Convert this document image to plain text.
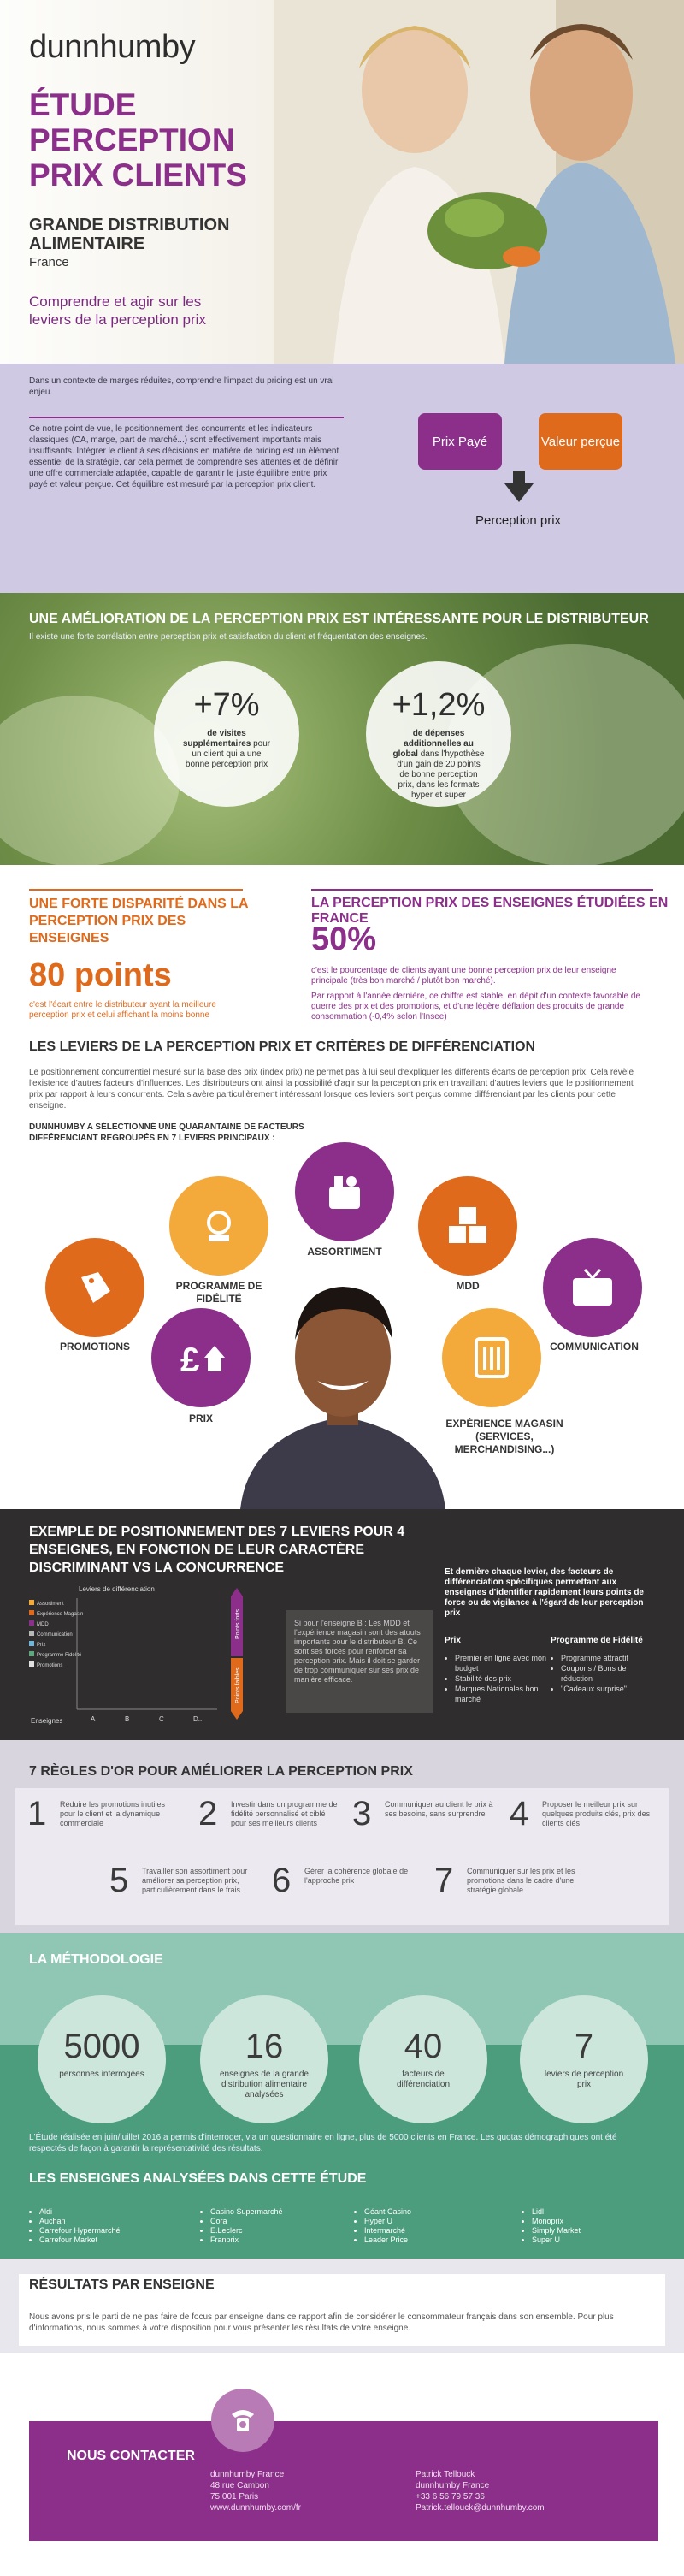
dunnhumby
ÉTUDE
PERCEPTION
PRIX CLIENTS
GRANDE DISTRIBUTION ALIMENTAIRE
France
Comprendre et agir sur les leviers de la perception prix
Dans un contexte de marges réduites, comprendre l'impact du pricing est un vrai enjeu.
Ce notre point de vue, le positionnement des concurrents et les indicateurs classiques (CA, marge, part de marché...) sont effectivement importants mais insuffisants. Intégrer le client à ses décisions en matière de pricing est un élément essentiel de la stratégie, car cela permet de comprendre ses attentes et de définir une offre commerciale adaptée, capable de garantir le juste équilibre entre prix payé et valeur perçue. Cet équilibre est mesuré par la perception prix client.
Prix Payé	Valeur perçue
Perception prix
UNE AMÉLIORATION DE LA PERCEPTION PRIX EST INTÉRESSANTE POUR LE DISTRIBUTEUR
Il existe une forte corrélation entre perception prix et satisfaction du client et fréquentation des enseignes.
+7%
de visites supplémentaires pour un client qui a une bonne perception prix
+1,2%
de dépenses additionnelles au global dans l'hypothèse d'un gain de 20 points de bonne perception prix, dans les formats hyper et super
UNE FORTE DISPARITÉ DANS LA PERCEPTION PRIX DES ENSEIGNES
80 points
c'est l'écart entre le distributeur ayant la meilleure perception prix et celui affichant la moins bonne
LA PERCEPTION PRIX DES ENSEIGNES ÉTUDIÉES EN FRANCE
50%
c'est le pourcentage de clients ayant une bonne perception prix de leur enseigne principale (très bon marché / plutôt bon marché).
Par rapport à l'année dernière, ce chiffre est stable, en dépit d'un contexte favorable de guerre des prix et des promotions, et d'une légère déflation des produits de grande consommation (-0,4% selon l'Insee)
LES LEVIERS DE LA PERCEPTION PRIX ET CRITÈRES DE DIFFÉRENCIATION
Le positionnement concurrentiel mesuré sur la base des prix (index prix) ne permet pas à lui seul d'expliquer les différents écarts de perception prix. Cela révèle l'existence d'autres facteurs d'influences. Les distributeurs ont ainsi la possibilité d'agir sur la perception prix en travaillant d'autres leviers que le positionnement prix par rapport à leurs concurrents. Cela s'avère particulièrement intéressant lorsque ces leviers sont perçus comme différenciant par les clients pour cette enseigne.
DUNNHUMBY A SÉLECTIONNÉ UNE QUARANTAINE DE FACTEURS DIFFÉRENCIANT REGROUPÉS EN 7 LEVIERS PRINCIPAUX :
ASSORTIMENT
PROGRAMME DE FIDÉLITÉ
MDD
PROMOTIONS	COMMUNICATION
£
PRIX	EXPÉRIENCE MAGASIN (SERVICES, MERCHANDISING...)
EXEMPLE DE POSITIONNEMENT DES 7 LEVIERS POUR 4 ENSEIGNES, EN FONCTION DE LEUR CARACTÈRE DISCRIMINANT VS LA CONCURRENCE
Leviers de différenciation
Assortiment
Expérience Magasin
MDD
Communication
Prix
Programme Fidélité
Promotions
A	B	C	D...
Enseignes
Points forts
Points faibles
Si pour l'enseigne B : Les MDD et l'expérience magasin sont des atouts importants pour le distributeur B. Ce sont ses forces pour renforcer sa perception prix. Mais il doit se garder de trop communiquer sur ses prix de manière efficace.
Et dernière chaque levier, des facteurs de différenciation spécifiques permettant aux enseignes d'identifier rapidement leurs points de force ou de vigilance à l'égard de leur perception prix
Prix
• Premier en ligne avec mon budget
• Stabilité des prix
• Marques Nationales bon marché
Programme de Fidélité
• Programme attractif
• Coupons / Bons de réduction
• "Cadeaux surprise"
7 RÈGLES D'OR POUR AMÉLIORER LA PERCEPTION PRIX
1 Réduire les promotions inutiles pour le client et la dynamique commerciale	2 Investir dans un programme de fidélité personnalisé et ciblé pour ses meilleurs clients	3 Communiquer au client le prix à ses besoins, sans surprendre 4 Proposer le meilleur prix sur quelques produits clés, prix des clients clés
5 Travailler son assortiment pour améliorer sa perception prix, particulièrement dans le frais 6 Gérer la cohérence globale de l'approche prix	7 Communiquer sur les prix et les promotions dans le cadre d'une stratégie globale
LA MÉTHODOLOGIE
5000
personnes interrogées
16
enseignes de la grande distribution alimentaire analysées
40
facteurs de différenciation
7
leviers de perception prix
L'Étude réalisée en juin/juillet 2016 a permis d'interroger, via un questionnaire en ligne, plus de 5000 clients en France. Les quotas démographiques ont été respectés de façon à garantir la représentativité des résultats.
LES ENSEIGNES ANALYSÉES DANS CETTE ÉTUDE
• Aldi
• Auchan
• Carrefour Hypermarché
• Carrefour Market
• Casino Supermarché
• Cora
• E.Leclerc
• Franprix
• Géant Casino
• Hyper U
• Intermarché
• Leader Price
• Lidl
• Monoprix
• Simply Market
• Super U
RÉSULTATS PAR ENSEIGNE
Nous avons pris le parti de ne pas faire de focus par enseigne dans ce rapport afin de considérer le consommateur français dans son ensemble. Pour plus d'informations, nous sommes à votre disposition pour vous présenter les résultats de votre enseigne.
NOUS CONTACTER
dunnhumby France
48 rue Cambon
75 001 Paris
www.dunnhumby.com/fr
Patrick Tellouck
dunnhumby France
+33 6 56 79 57 36
Patrick.tellouck@dunnhumby.com
